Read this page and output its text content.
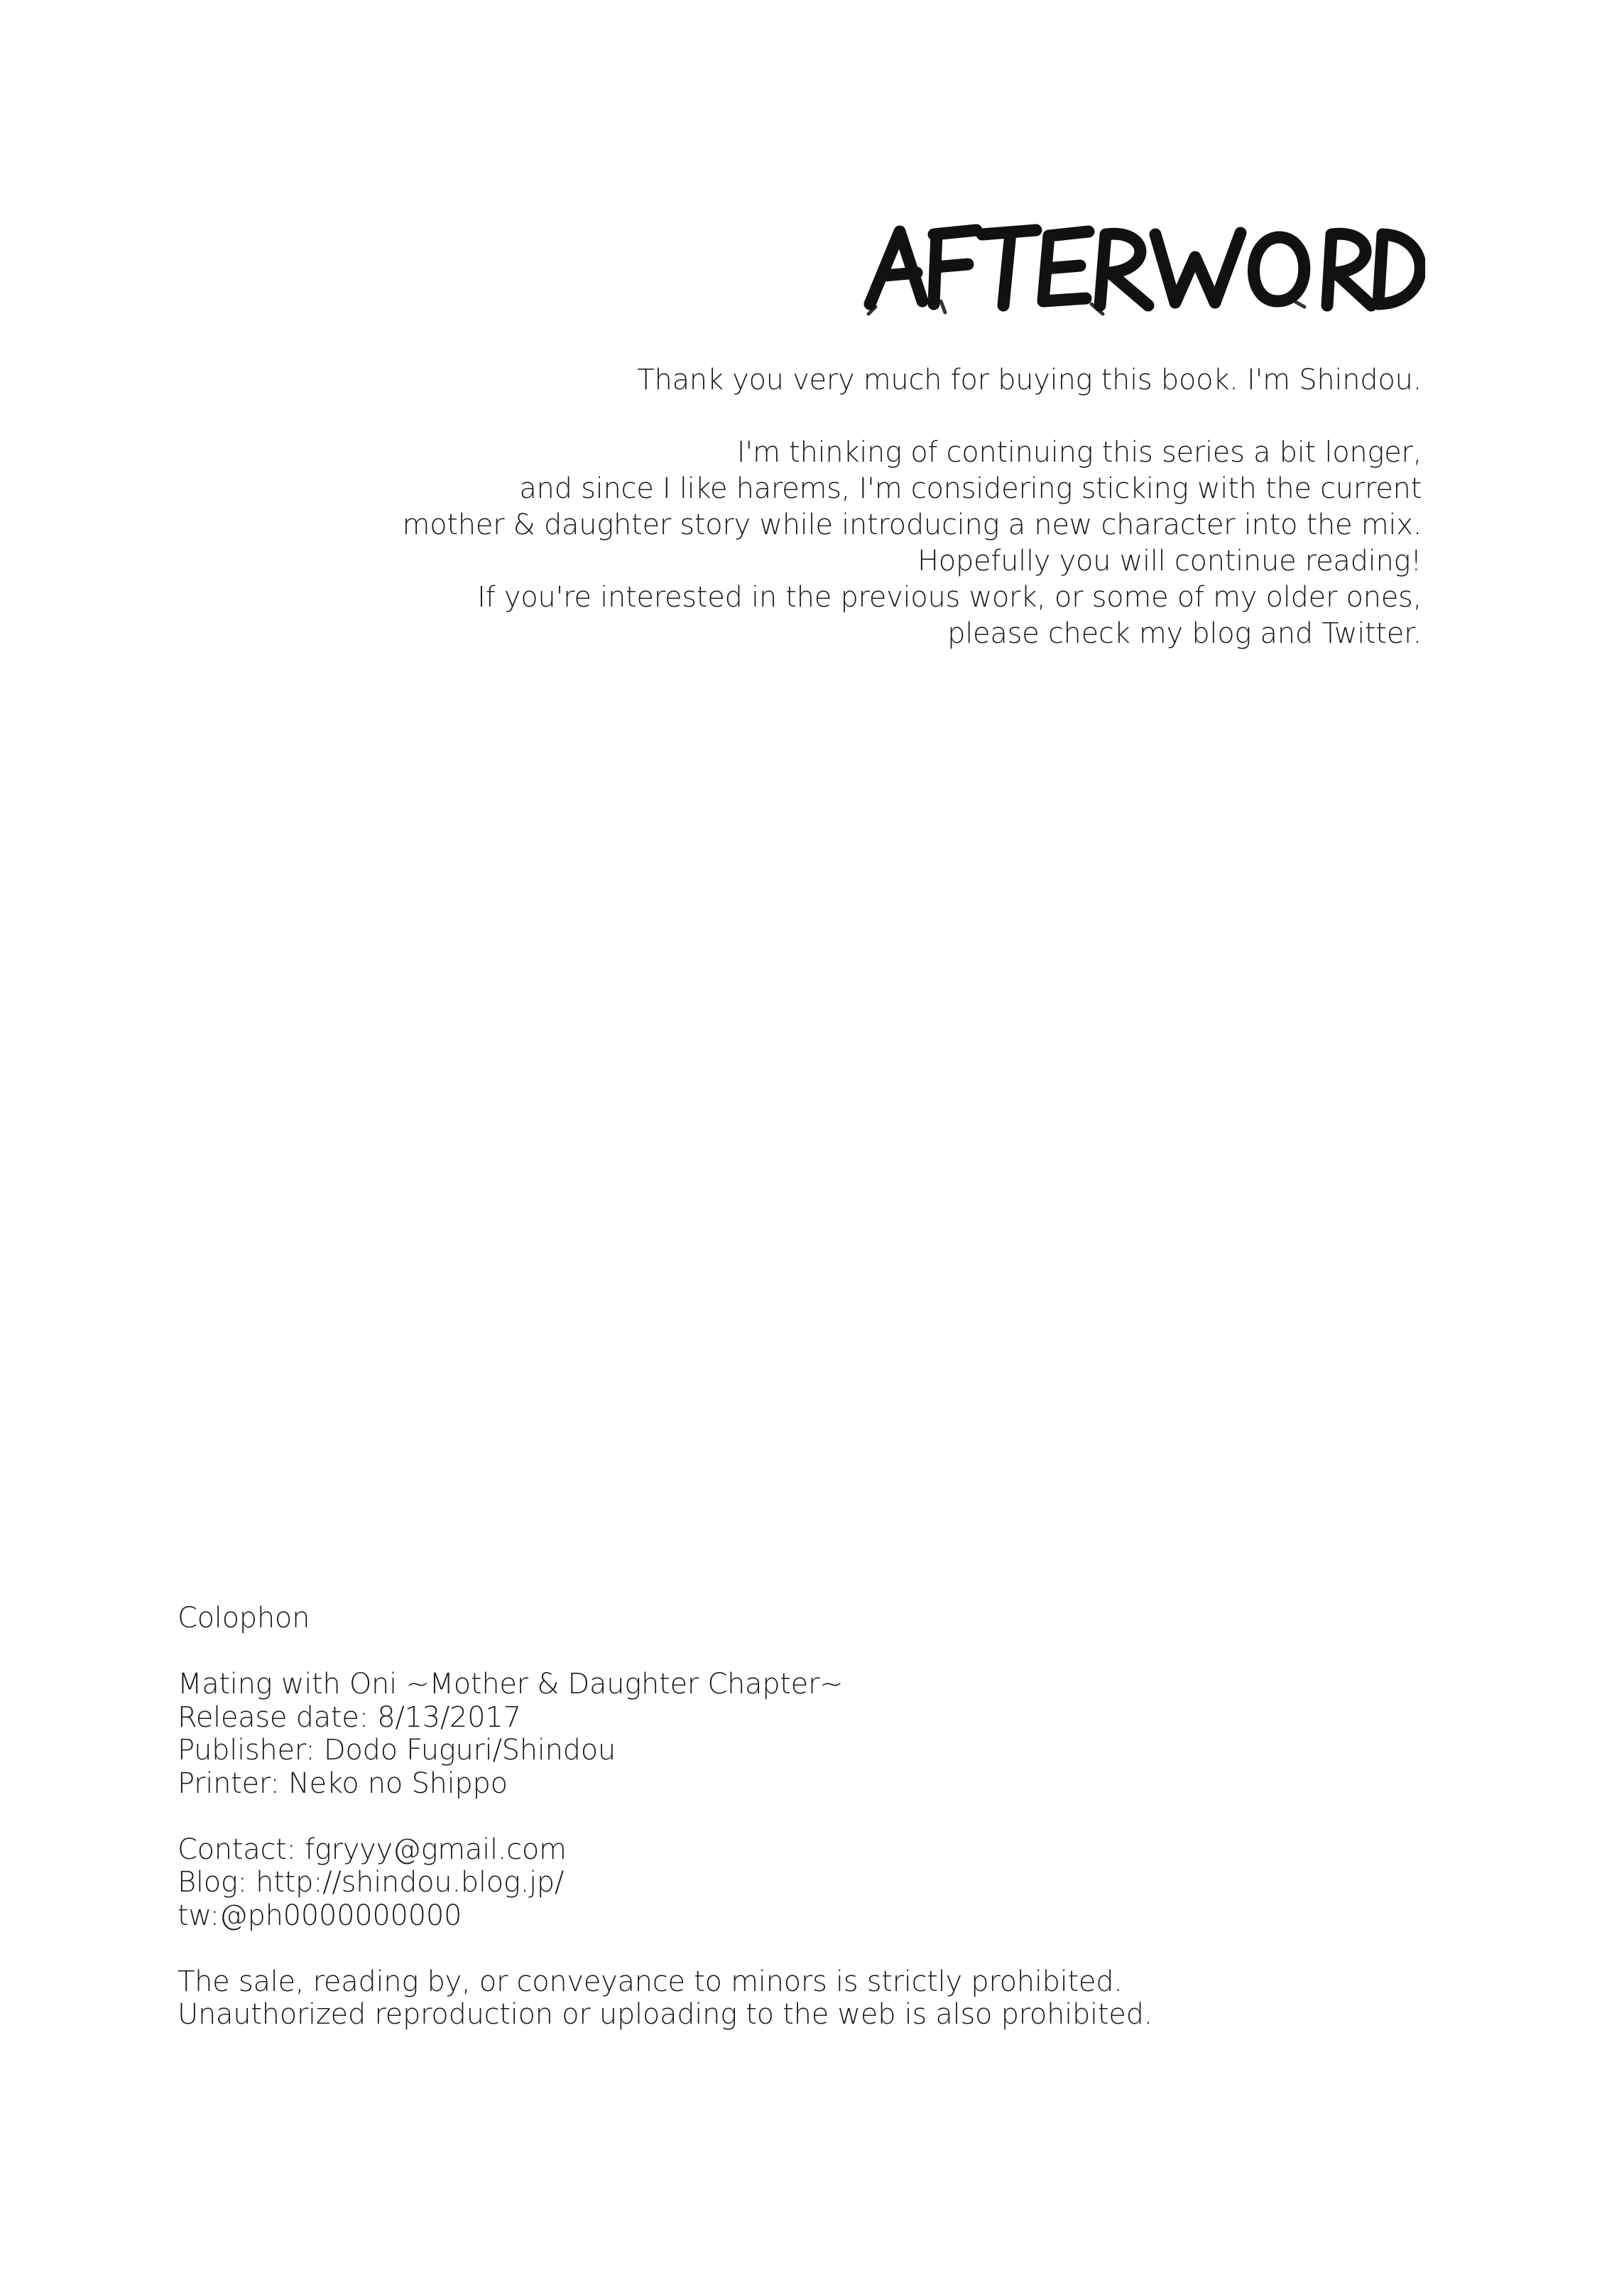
Thank you very much for buying this book. I'm Shindou.

I'm thinking of continuing this series a bit longer,

and since I like harems, I'm considering sticking with the current

mother & daughter story while introducing a new character into the mix.

Hopefully you will continue reading!

If you're interested in the previous work, or some of my older ones,

please check my blog and Twitter.

Colophon
Mating with Oni ~Mother & Daughter Chapter~
Release date: 8/13/2017
Publisher: Dodo Fuguri/Shindou
Printer: Neko no Shippo
Contact: fgryyy@gmail.com
Blog: http://shindou.blog.jp/
tw:@ph0000000000
The sale, reading by, or conveyance to minors is strictly prohibited.
Unauthorized reproduction or uploading to the web is also prohibited.
